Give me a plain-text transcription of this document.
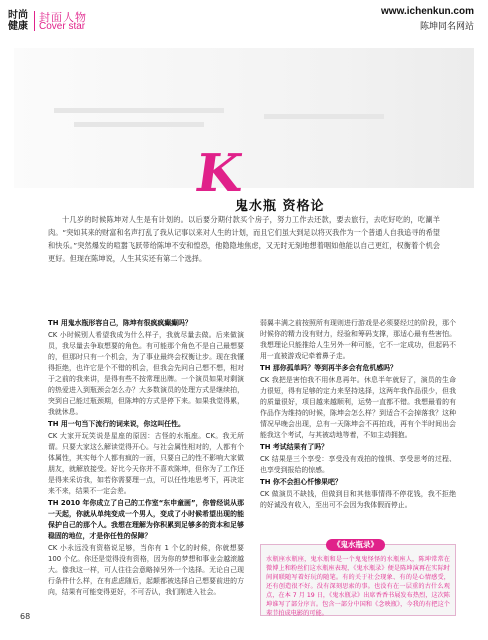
时尚
健康
封面人物
Cover star
www.ichenkun.com
陈坤同名网站
K
鬼水瓶 资格论
十几岁的时候陈坤对人生是有计划的。以后要分期付款买个房子，努力工作去还款，要去旅行，去吃好吃的，吃涮羊肉。“突如其来的财富和名声打乱了我从记事以来对人生的计划，而且它们虽大到足以将灭我作为一个普通人自我追寻的希望和快乐。”突然爆发的喧嚣飞跃带给陈坤不安和惶恐，他隐隐地焦虑，又无时无刻地想着咽如他能以自己更红，权衡着个机会更好。但现在陈坤说，人生其实还有第二个选择。

TH 用鬼水瓶形容自己，陈坤有很疯疯癫癫吗？

CK 小时候别人希望我成为什么样子，我就尽量去做。后来做演员，我尽量去争取想要的角色。有可能那个角色不是自己最想要的，但那时只有一个机会，为了事业最终会权衡让步。现在我懂得拒绝，也许它是个不错的机会，但我会先问自己想不想，相对于之前的我来讲，是得有些不按常理出牌。一个演员如果对剩演的热爱进入到瓶颈会怎么办？大多数演员的处理方式是继续拍，突到自己能过瓶颈期，但陈坤的方式是停下来。如果我觉得累，我就休息。

TH 用一句当下流行的词来说，你这叫任性。

CK 大家开玩笑说是星座的原因：古怪的水瓶座。CK。我无所谓。只要大家这么解读觉得开心。与社会属性相对的，人都有个体属性，其实每个人都有疯的一面，只要自己的性不影响大家做朋友，就解放接受。好比今天你并不喜欢陈坤，但你为了工作还是得来采访我，如若你需要理一点，可以任性地思考下，再决定来不来，结果不一定会差。

TH 2010 年你成立了自己的工作室“东申童画”，你曾经说从那一天起，你就从单纯变成一个男人，变成了小时候希望出现的能保护自己的那个人。我想在理解为你积累到足够多的资本和足够稳固的地位，才是你任性的保障？

CK 小永远没有资格说足够，当你有 1 个亿的时候，你就想要100 个亿。你还是觉得没有资格，因为你的梦想和事业会越滚越大。像我这一样，可人往往会意略掉另外一个选择。无论自己现行条件什么样，在有虑虑随后，起颠都被选择自己想要前进的方向，结果有可能变得更好，不可否认，我们刚进入社会。

弱翼丰满之前按照所有现则进行游戏是必须要经过的阶段，那个时候你的精力没有财力，经验和筹码支撑，那适心最有些害怕。我想理论只能推给人生另外一种可能，它不一定成功，但起码不用一直被游戏记牵着鼻子走。

TH 那你孤单吗？等到再半多会有危机感吗？

CK 我把是害怕我不用休息再年。休息半年就好了，演员的生命力很短，得有足够的定力来坚持选择，这两年我作品很少，但我的质量很好，项目越来越顺利，运势一直都不错。我想最看的有作品作为维持的时候，陈坤会怎么样？到适合不会掉落我？这种情况早晚会出现，总有一天陈坤会不再拍戏，再有个半时间出会能我这个考试，与其被动地等着，不如主动拥抱。

TH 考试结果有了吗？

CK 结果是三个享受：享受没有戏拍的惶惧、享受思考的过程、也享受到报给的惊感。

TH 你不会担心忏惨果吧？

CK 做演员不缺钱，但做到目和其他事情得不停花钱，我不拒绝的好诚没有收入，至出可不会因为我体假而停止。

《鬼水瓶录》
水瓶座水瓶座，鬼水瓶和是一个鬼鬼怪怪的水瓶座人，陈坤常常在微博上和粉丝们这水瓶座表现，《鬼水瓶录》便是陈坤演再在实际时间间联随写着好玩的随笔。有的关于社会现象、有的是心情感受，还有创造很不好。没有深刻思索的事。也没有在一层重的古什么观点，在本 7 月 19 日，《鬼水瓶录》出席香香书展发布热烈，这次陈坤谁写了部分序言。包含一部分中国和《念映瓶》，今我的有把这个辈节拍成电影的可能。
68
